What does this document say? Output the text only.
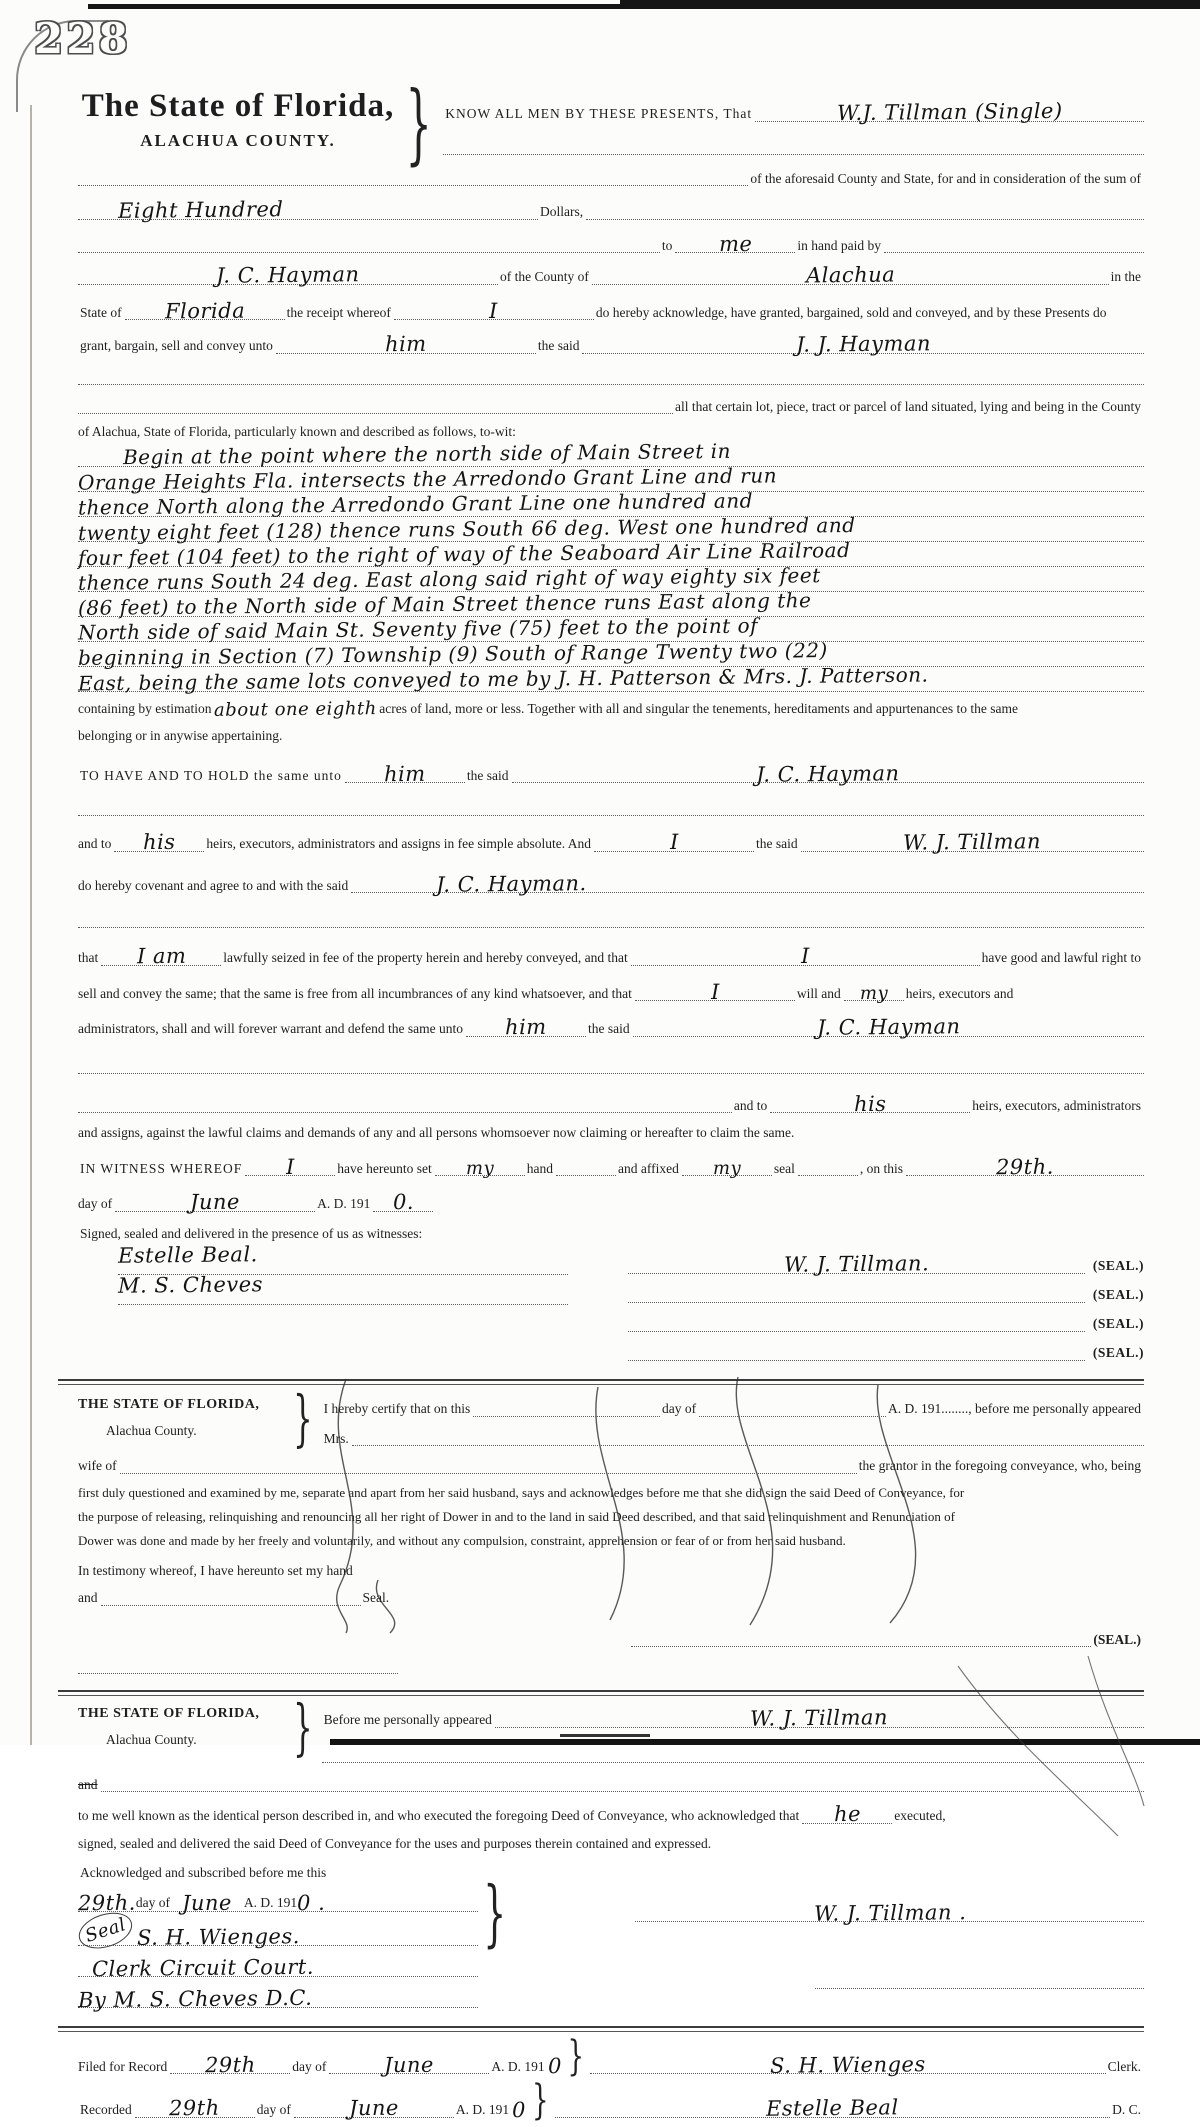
228
The State of Florida,
ALACHUA COUNTY.	} KNOW ALL MEN BY THESE PRESENTS, That	W.J. Tillman (Single)
of the aforesaid County and State, for and in consideration of the sum of
Eight Hundred	Dollars,
to	me	in hand paid by
J. C. Hayman	of the County of	Alachua	in the
State of	Florida	the receipt whereof	I	do hereby acknowledge, have granted, bargained, sold and conveyed, and by these Presents do
grant, bargain, sell and convey unto	him	the said	J. J. Hayman
all that certain lot, piece, tract or parcel of land situated, lying and being in the County
of Alachua, State of Florida, particularly known and described as follows, to-wit:
Begin at the point where the north side of Main Street in
Orange Heights Fla. intersects the Arredondo Grant Line and run
thence North along the Arredondo Grant Line one hundred and
twenty eight feet (128) thence runs South 66 deg. West one hundred and
four feet (104 feet) to the right of way of the Seaboard Air Line Railroad
thence runs South 24 deg. East along said right of way eighty six feet
(86 feet) to the North side of Main Street thence runs East along the
North side of said Main St. Seventy five (75) feet to the point of
beginning in Section (7) Township (9) South of Range Twenty two (22)
East, being the same lots conveyed to me by J. H. Patterson & Mrs. J. Patterson.
containing by estimation about one eighth acres of land, more or less. Together with all and singular the tenements, hereditaments and appurtenances to the same
belonging or in anywise appertaining.
TO HAVE AND TO HOLD the same unto	him	the said	J. C. Hayman
and to	his	heirs, executors, administrators and assigns in fee simple absolute. And	I	the said	W. J. Tillman
do hereby covenant and agree to and with the said	J. C. Hayman.
that	I am	lawfully seized in fee of the property herein and hereby conveyed, and that	I	have good and lawful right to
sell and convey the same; that the same is free from all incumbrances of any kind whatsoever, and that	I	will and	my	heirs, executors and
administrators, shall and will forever warrant and defend the same unto	him	the said	J. C. Hayman
and to	his	heirs, executors, administrators
and assigns, against the lawful claims and demands of any and all persons whomsoever now claiming or hereafter to claim the same.
IN WITNESS WHEREOF	I	have hereunto set	my	hand	and affixed	my	seal	, on this	29th.
day of	June	A. D. 191	0.
Signed, sealed and delivered in the presence of us as witnesses:
Estelle Beal.
M. S. Cheves
W. J. Tillman.	(SEAL.)
(SEAL.)
(SEAL.)
(SEAL.)
THE STATE OF FLORIDA,
Alachua County.	} I hereby certify that on this	day of	A. D. 191........, before me personally appeared
Mrs.
wife of	the grantor in the foregoing conveyance, who, being
first duly questioned and examined by me, separate and apart from her said husband, says and acknowledges before me that she did sign the said Deed of Conveyance, for
the purpose of releasing, relinquishing and renouncing all her right of Dower in and to the land in said Deed described, and that said relinquishment and Renunciation of
Dower was done and made by her freely and voluntarily, and without any compulsion, constraint, apprehension or fear of or from her said husband.
In testimony whereof, I have hereunto set my hand
and	Seal.
(SEAL.)
THE STATE OF FLORIDA,
Alachua County.	} Before me personally appeared	W. J. Tillman
and
to me well known as the identical person described in, and who executed the foregoing Deed of Conveyance, who acknowledged that	he	executed,
signed, sealed and delivered the said Deed of Conveyance for the uses and purposes therein contained and expressed.
Acknowledged and subscribed before me this
29th. day of June A. D. 191 0 .
Seal S. H. Wienges.
Clerk Circuit Court.
By M. S. Cheves D.C.
}	W. J. Tillman .
Filed for Record	29th	day of	June	A. D. 191 0 }	S. H. Wienges	Clerk.
Recorded	29th	day of	June	A. D. 191 0 }	Estelle Beal	D. C.
